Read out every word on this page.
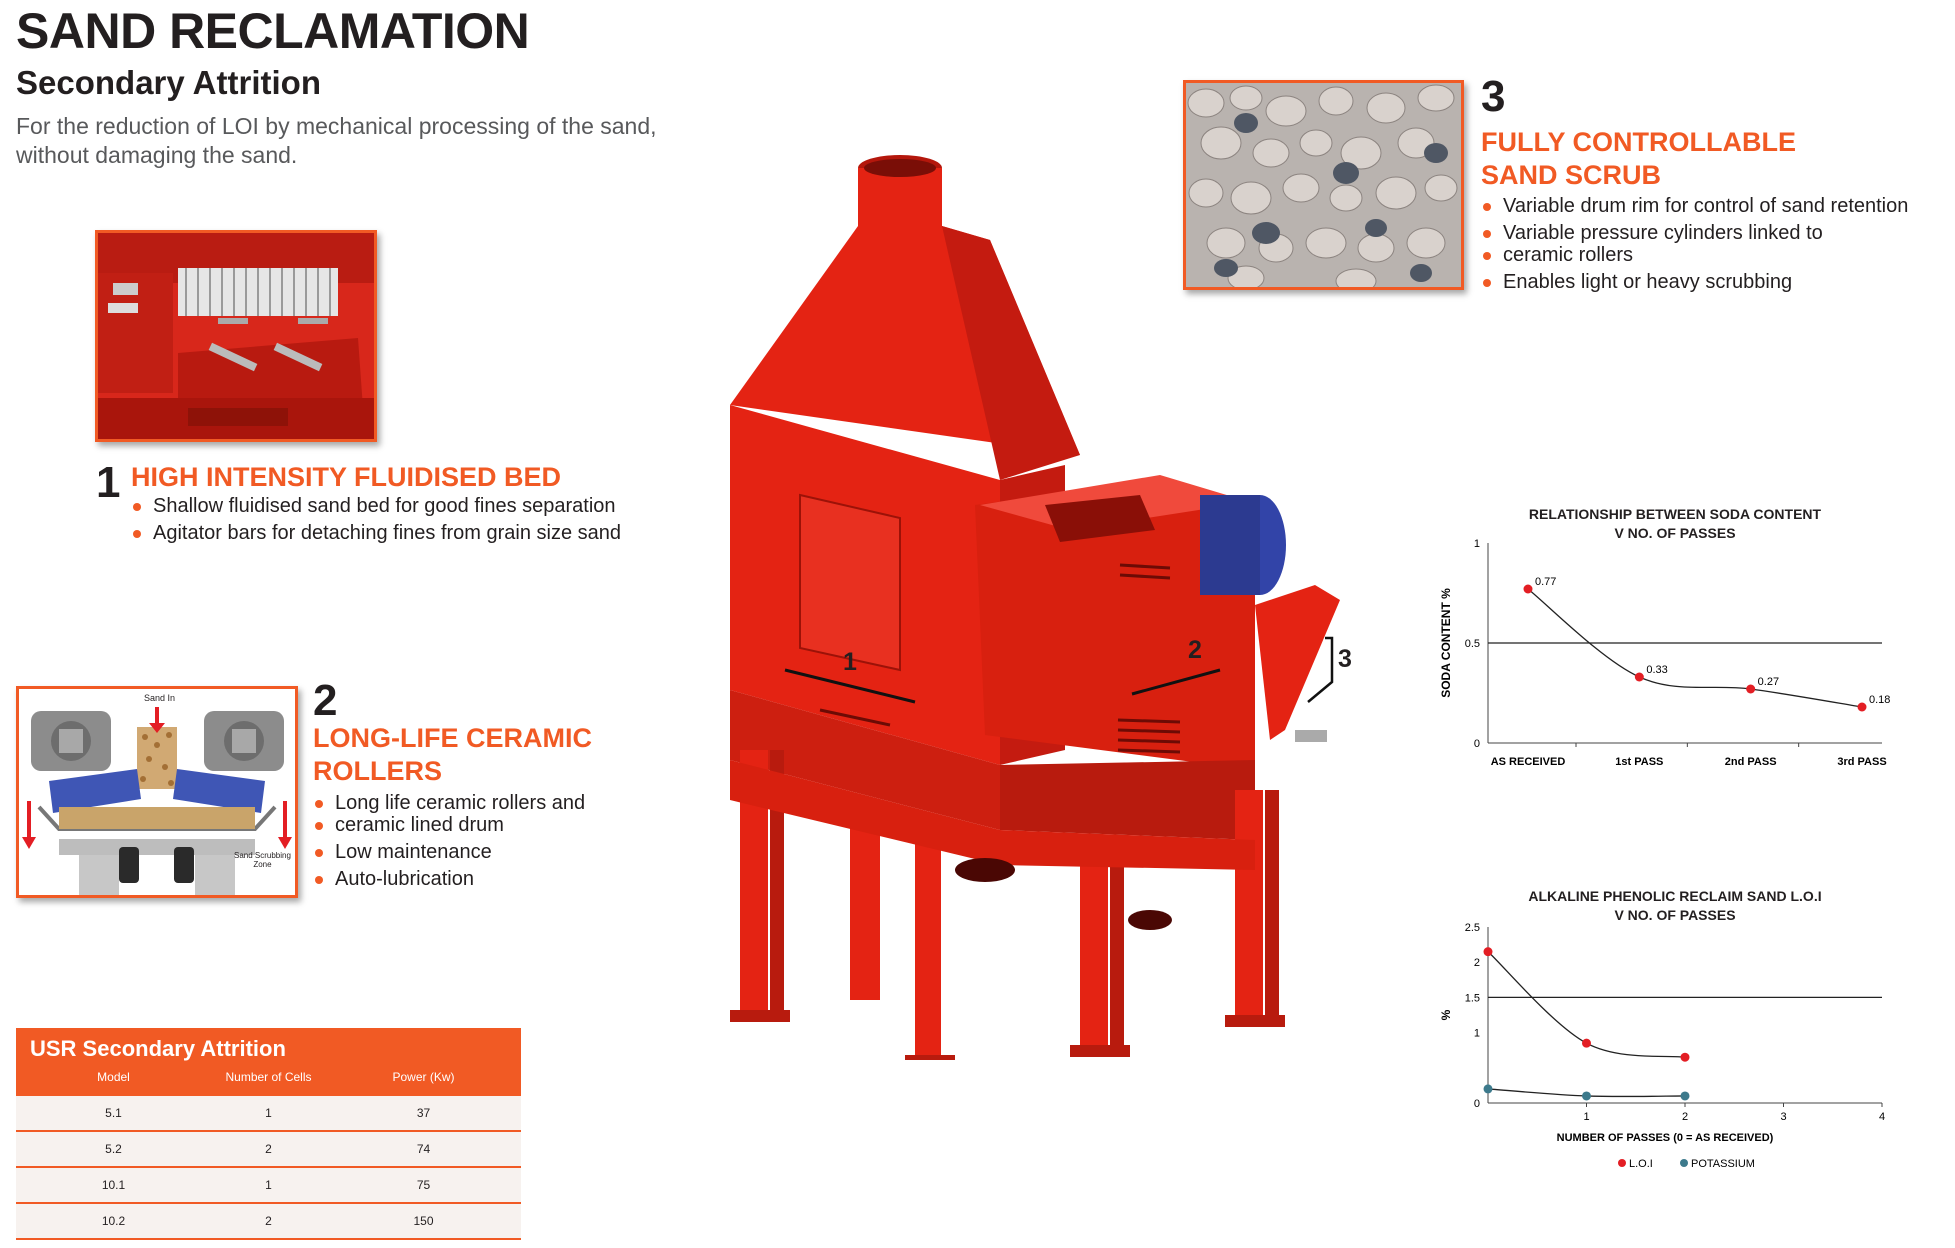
SAND RECLAMATION
Secondary Attrition
For the reduction of LOI by mechanical processing of the sand, without damaging the sand.
1 HIGH INTENSITY FLUIDISED BED
Shallow fluidised sand bed for good fines separation
Agitator bars for detaching fines from grain size sand
Sand In
Sand Scrubbing
Zone
2
LONG-LIFE CERAMIC
ROLLERS
Long life ceramic rollers and
ceramic lined drum
Low maintenance
Auto-lubrication
3
FULLY CONTROLLABLE
SAND SCRUB
Variable drum rim for control of sand retention
Variable pressure cylinders linked to
ceramic rollers
Enables light or heavy scrubbing
1	2	3
USR Secondary Attrition
Model	Number of Cells	Power (Kw)
5.1	1	37
5.2	2	74
10.1	1	75
10.2	2	150
RELATIONSHIP BETWEEN SODA CONTENT
V NO. OF PASSES
0
0.5
1
AS RECEIVED	1st PASS	2nd PASS	3rd PASS
SODA CONTENT %
0.77
0.33
0.27
0.18
ALKALINE PHENOLIC RECLAIM SAND L.O.I
V NO. OF PASSES
0
1
1.5
2
2.5
1	2	3	4
NUMBER OF PASSES (0 = AS RECEIVED)
%
L.O.I	POTASSIUM
